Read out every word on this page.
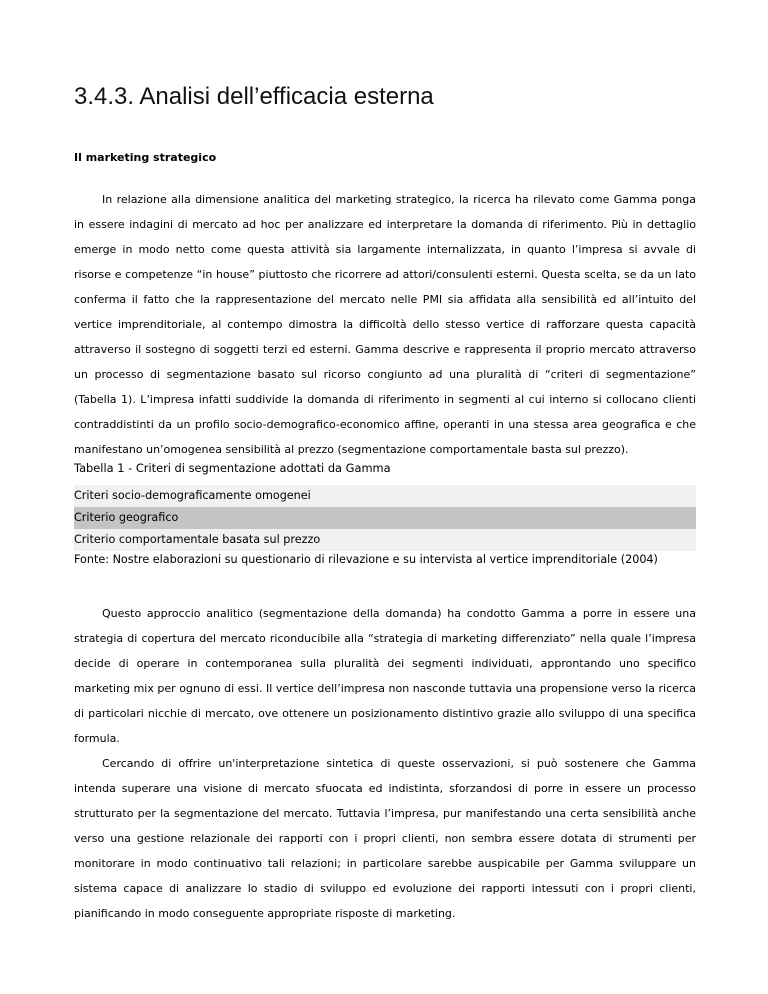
3.4.3. Analisi dell’efficacia esterna
Il marketing strategico

In relazione alla dimensione analitica del marketing strategico, la ricerca ha rilevato come Gamma ponga in essere indagini di mercato ad hoc per analizzare ed interpretare la domanda di riferimento. Più in dettaglio emerge in modo netto come questa attività sia largamente internalizzata, in quanto l’impresa si avvale di risorse e competenze “in house” piuttosto che ricorrere ad attori/consulenti esterni. Questa scelta, se da un lato conferma il fatto che la rappresentazione del mercato nelle PMI sia affidata alla sensibilità ed all’intuito del vertice imprenditoriale, al contempo dimostra la difficoltà dello stesso vertice di rafforzare questa capacità attraverso il sostegno di soggetti terzi ed esterni. Gamma descrive e rappresenta il proprio mercato attraverso un processo di segmentazione basato sul ricorso congiunto ad una pluralità di “criteri di segmentazione” (Tabella 1). L’impresa infatti suddivide la domanda di riferimento in segmenti al cui interno si collocano clienti contraddistinti da un profilo socio-demografico-economico affine, operanti in una stessa area geografica e che manifestano un’omogenea sensibilità al prezzo (segmentazione comportamentale basta sul prezzo).

Tabella 1 - Criteri di segmentazione adottati da Gamma
Criteri socio-demograficamente omogenei
Criterio geografico
Criterio comportamentale basata sul prezzo
Fonte: Nostre elaborazioni su questionario di rilevazione e su intervista al vertice imprenditoriale (2004)

Questo approccio analitico (segmentazione della domanda) ha condotto Gamma a porre in essere una strategia di copertura del mercato riconducibile alla “strategia di marketing differenziato” nella quale l’impresa decide di operare in contemporanea sulla pluralità dei segmenti individuati, approntando uno specifico marketing mix per ognuno di essi. Il vertice dell’impresa non nasconde tuttavia una propensione verso la ricerca di particolari nicchie di mercato, ove ottenere un posizionamento distintivo grazie allo sviluppo di una specifica formula.

Cercando di offrire un'interpretazione sintetica di queste osservazioni, si può sostenere che Gamma intenda superare una visione di mercato sfuocata ed indistinta, sforzandosi di porre in essere un processo strutturato per la segmentazione del mercato. Tuttavia l’impresa, pur manifestando una certa sensibilità anche verso una gestione relazionale dei rapporti con i propri clienti, non sembra essere dotata di strumenti per monitorare in modo continuativo tali relazioni; in particolare sarebbe auspicabile per Gamma sviluppare un sistema capace di analizzare lo stadio di sviluppo ed evoluzione dei rapporti intessuti con i propri clienti, pianificando in modo conseguente appropriate risposte di marketing.
